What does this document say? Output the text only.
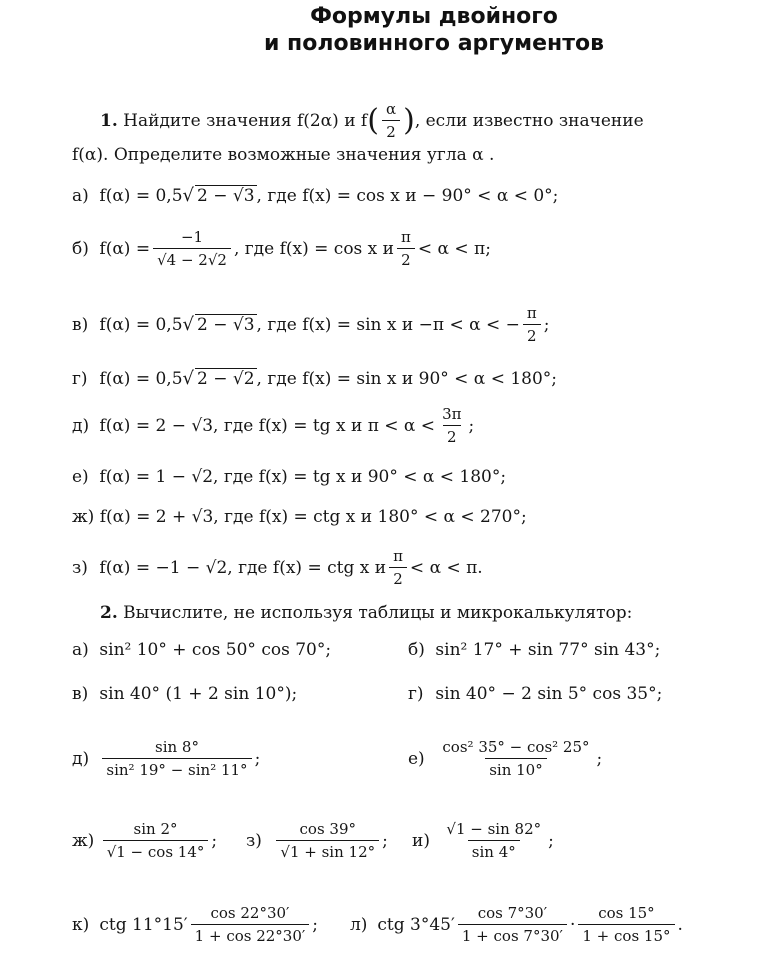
Формулы двойного
и половинного аргументов
1.
Найдите значения f(2α) и f ( $\frac{\alpha}{2}$ ) , если известно значение
f(α). Определите возможные значения угла α .
а)
f(α) = 0,5 √ 2 − √3 , где f(x) = cos x и − 90° < α < 0°;
б)
$f(\alpha) = \frac{-1}{√4 - 2√2}$ , где f(x) = cos x и $\frac{\pi}{2} < \alpha < \pi$;
в)
f(α) = 0,5 √ 2 − √3 , где f(x) = sin x и −π < α < − $\frac{\pi}{2}$ ;
г)
f(α) = 0,5 √ 2 − √2 , где f(x) = sin x и 90° < α < 180°;
д)
f(α) = 2 − √3, где f(x) = tg x и $\pi < \alpha < \frac{3\pi}{2}$ ;
е)
f(α) = 1 − √2, где f(x) = tg x и 90° < α < 180°;
ж)
f(α) = 2 + √3, где f(x) = ctg x и 180° < α < 270°;
з)
f(α) = −1 − √2, где f(x) = ctg x и $\frac{\pi}{2} < \alpha < \pi$.
2.
Вычислите, не используя таблицы и микрокалькулятор:
а)
sin² 10° + cos 50° cos 70°;	б)
sin² 17° + sin 77° sin 43°;
в)
sin 40° (1 + 2 sin 10°);	г)
sin 40° − 2 sin 5° cos 35°;
д)
$\frac{\sin 8^\circ}{\text{sin² 19° − sin² 11°}}$ ;	е)
$\frac{\text{cos² 35° − cos² 25°}}{\sin 10^\circ}$ ;
ж)
$\frac{\sin 2^\circ}{√1 - \cos 14^\circ}$ ; з)
$\frac{\cos 39^\circ}{√1 + \sin 12^\circ}$ ; и)
$\frac{√1 - \sin 82^\circ}{\sin 4^\circ}$ ;
к)
ctg $11^\circ 15' \frac{\cos 22^\circ 30'}{1 + \cos 22^\circ 30'}$ ; л)
ctg $3^\circ 45' \frac{\cos 7^\circ 30'}{1 + \cos 7^\circ 30'} \cdot \frac{\cos 15^\circ}{1 + \cos 15^\circ}$ .
